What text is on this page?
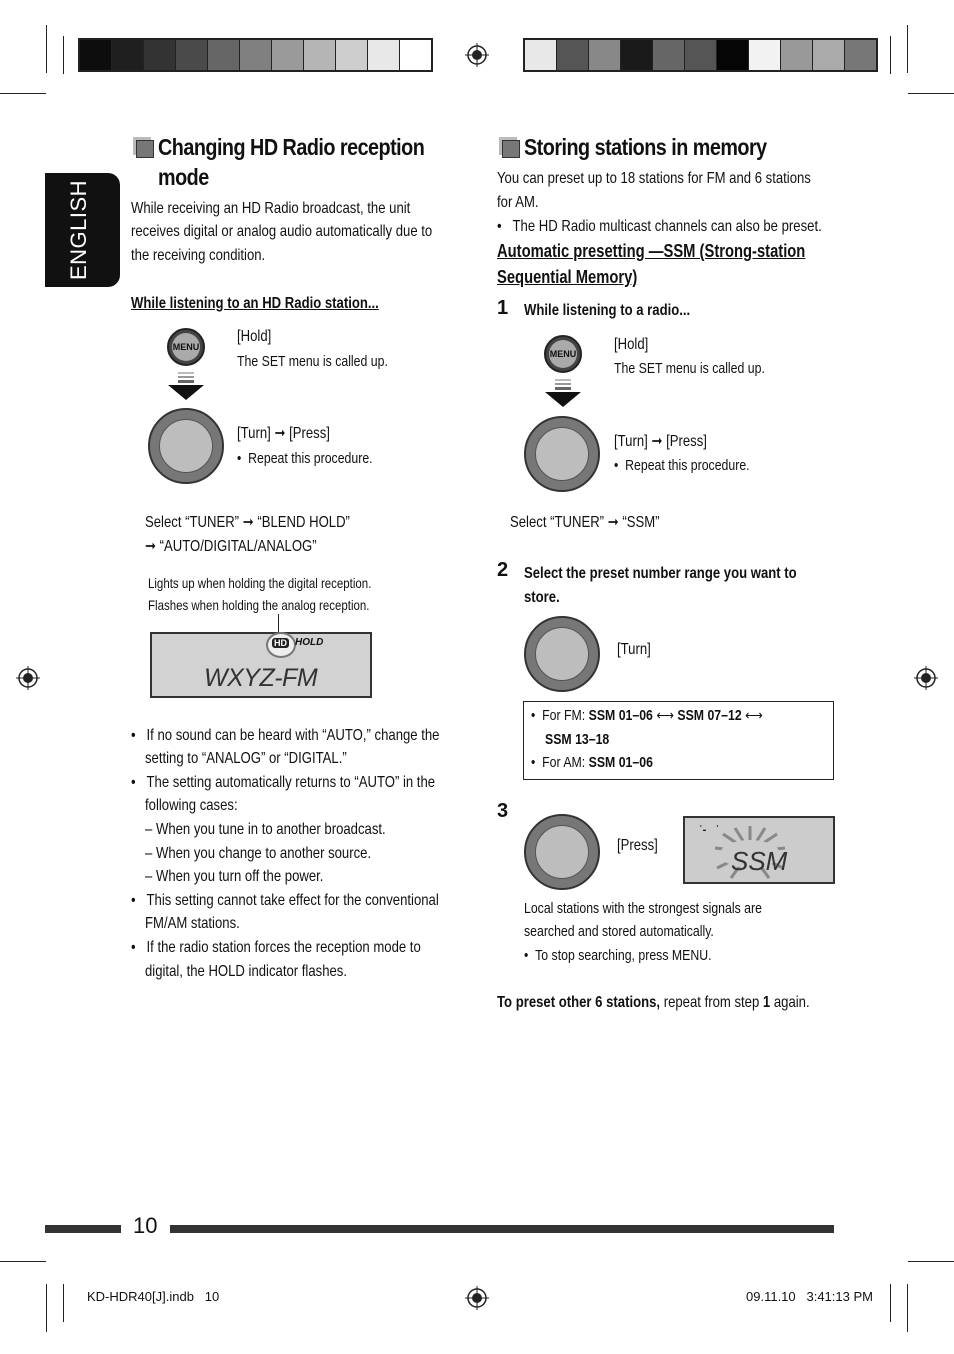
ENGLISH
Changing HD Radio reception
mode
While receiving an HD Radio broadcast, the unit
receives digital or analog audio automatically due to
the receiving condition.
While listening to an HD Radio station...
MENU
[Hold]
The SET menu is called up.
[Turn] ➞ [Press]
•  Repeat this procedure.
Select “TUNER” ➞ “BLEND HOLD”
➞ “AUTO/DIGITAL/ANALOG”
Lights up when holding the digital reception.
Flashes when holding the analog reception.
HD HOLD
WXYZ-FM
•   If no sound can be heard with “AUTO,” change the
setting to “ANALOG” or “DIGITAL.”
•   The setting automatically returns to “AUTO” in the
following cases:
– When you tune in to another broadcast.
– When you change to another source.
– When you turn off the power.
•   This setting cannot take effect for the conventional
FM/AM stations.
•   If the radio station forces the reception mode to
digital, the HOLD indicator flashes.
Storing stations in memory
You can preset up to 18 stations for FM and 6 stations
for AM.
•   The HD Radio multicast channels can also be preset.
Automatic presetting —SSM (Strong-station
Sequential Memory)
1 While listening to a radio...
MENU
[Hold]
The SET menu is called up.
[Turn] ➞ [Press]
•  Repeat this procedure.
Select “TUNER” ➞ “SSM”
2 Select the preset number range you want to
store.
[Turn]
•  For FM: SSM 01–06 ⟷ SSM 07–12 ⟷
SSM 13–18
•  For AM: SSM 01–06
3
[Press]
ˈ‐   ˈ
SSM
Local stations with the strongest signals are
searched and stored automatically.
•  To stop searching, press MENU.
To preset other 6 stations, repeat from step 1 again.
10
KD-HDR40[J].indb   10	09.11.10   3:41:13 PM
